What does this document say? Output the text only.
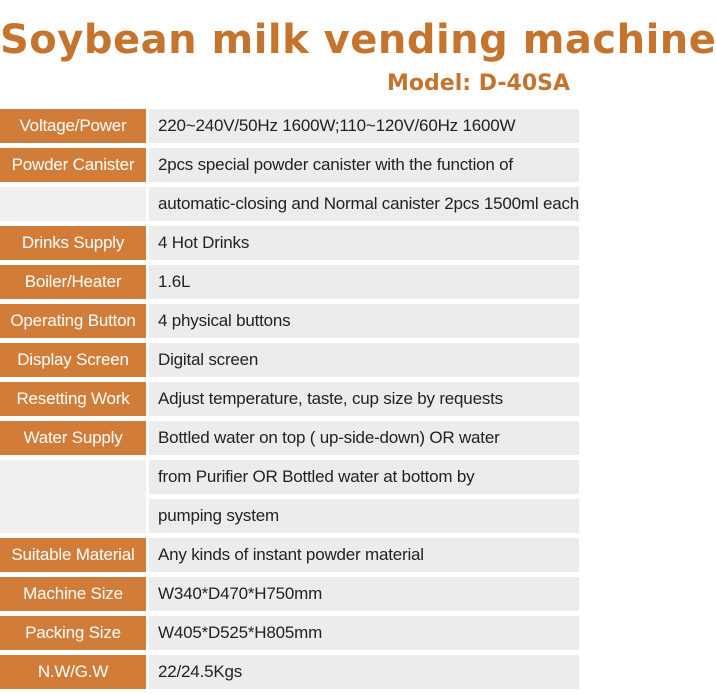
Soybean milk vending machine
Model: D-40SA
Voltage/Power	220~240V/50Hz 1600W;110~120V/60Hz 1600W
Powder Canister	2pcs special powder canister with the function of
automatic-closing and Normal canister 2pcs 1500ml each
Drinks Supply	4 Hot Drinks
Boiler/Heater	1.6L
Operating Button	4 physical buttons
Display Screen	Digital screen
Resetting Work	Adjust temperature, taste, cup size by requests
Water Supply	Bottled water on top ( up-side-down) OR water
from Purifier OR Bottled water at bottom by
pumping system
Suitable Material	Any kinds of instant powder material
Machine Size	W340*D470*H750mm
Packing Size	W405*D525*H805mm
N.W/G.W	22/24.5Kgs
